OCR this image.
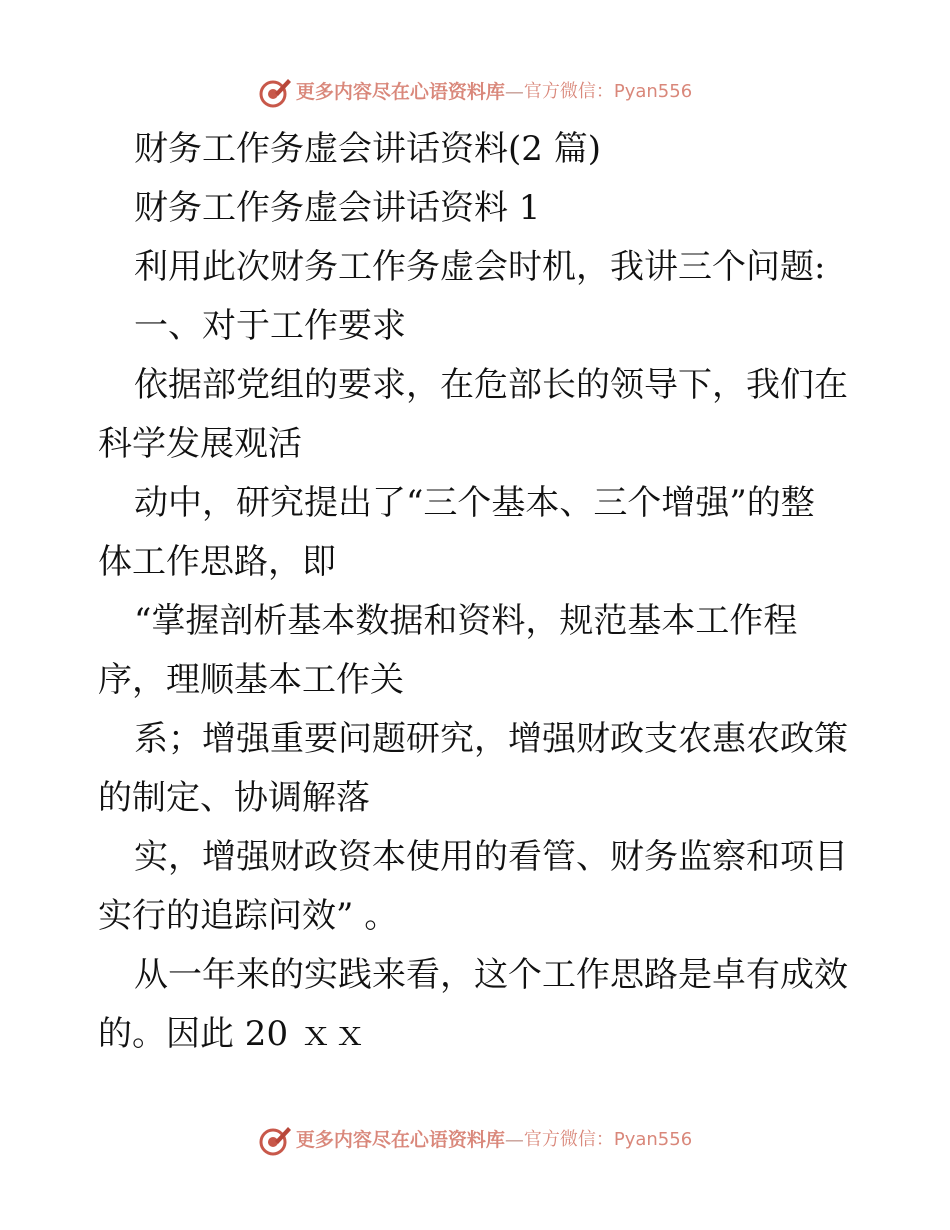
更多内容尽在心语资料库 — 官方微信：Pyan556
财务工作务虚会讲话资料(2 篇)
财务工作务虚会讲话资料 1
利用此次财务工作务虚会时机，我讲三个问题:
一、对于工作要求
依据部党组的要求，在危部长的领导下，我们在
科学发展观活
动中，研究提出了“三个基本、三个增强”的整
体工作思路，即
“掌握剖析基本数据和资料，规范基本工作程
序，理顺基本工作关
系；增强重要问题研究，增强财政支农惠农政策
的制定、协调解落
实，增强财政资本使用的看管、财务监察和项目
实行的追踪问效” 。
从一年来的实践来看，这个工作思路是卓有成效
的。因此 20 ｘｘ
更多内容尽在心语资料库 — 官方微信：Pyan556
